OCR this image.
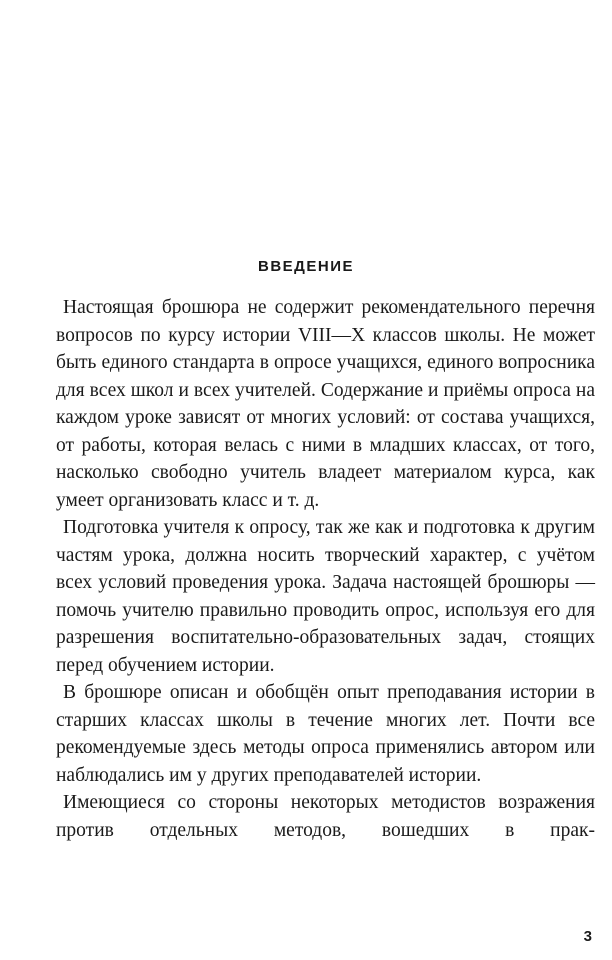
ВВЕДЕНИЕ

Настоящая брошюра не содержит рекомендательного перечня вопросов по курсу истории VIII—X классов школы. Не может быть единого стандарта в опросе учащихся, единого вопросника для всех школ и всех учителей. Содержание и приёмы опроса на каждом уроке зависят от многих условий: от состава учащихся, от работы, которая велась с ними в младших классах, от того, насколько свободно учитель владеет материалом курса, как умеет организовать класс и т. д.

Подготовка учителя к опросу, так же как и подготовка к другим частям урока, должна носить творческий характер, с учётом всех условий проведения урока. Задача настоящей брошюры — помочь учителю правильно проводить опрос, используя его для разрешения воспитательно-образовательных задач, стоящих перед обучением истории.

В брошюре описан и обобщён опыт преподавания истории в старших классах школы в течение многих лет. Почти все рекомендуемые здесь методы опроса применялись автором или наблюдались им у других преподавателей истории.

Имеющиеся со стороны некоторых методистов возражения против отдельных методов, вошедших в прак-

3
